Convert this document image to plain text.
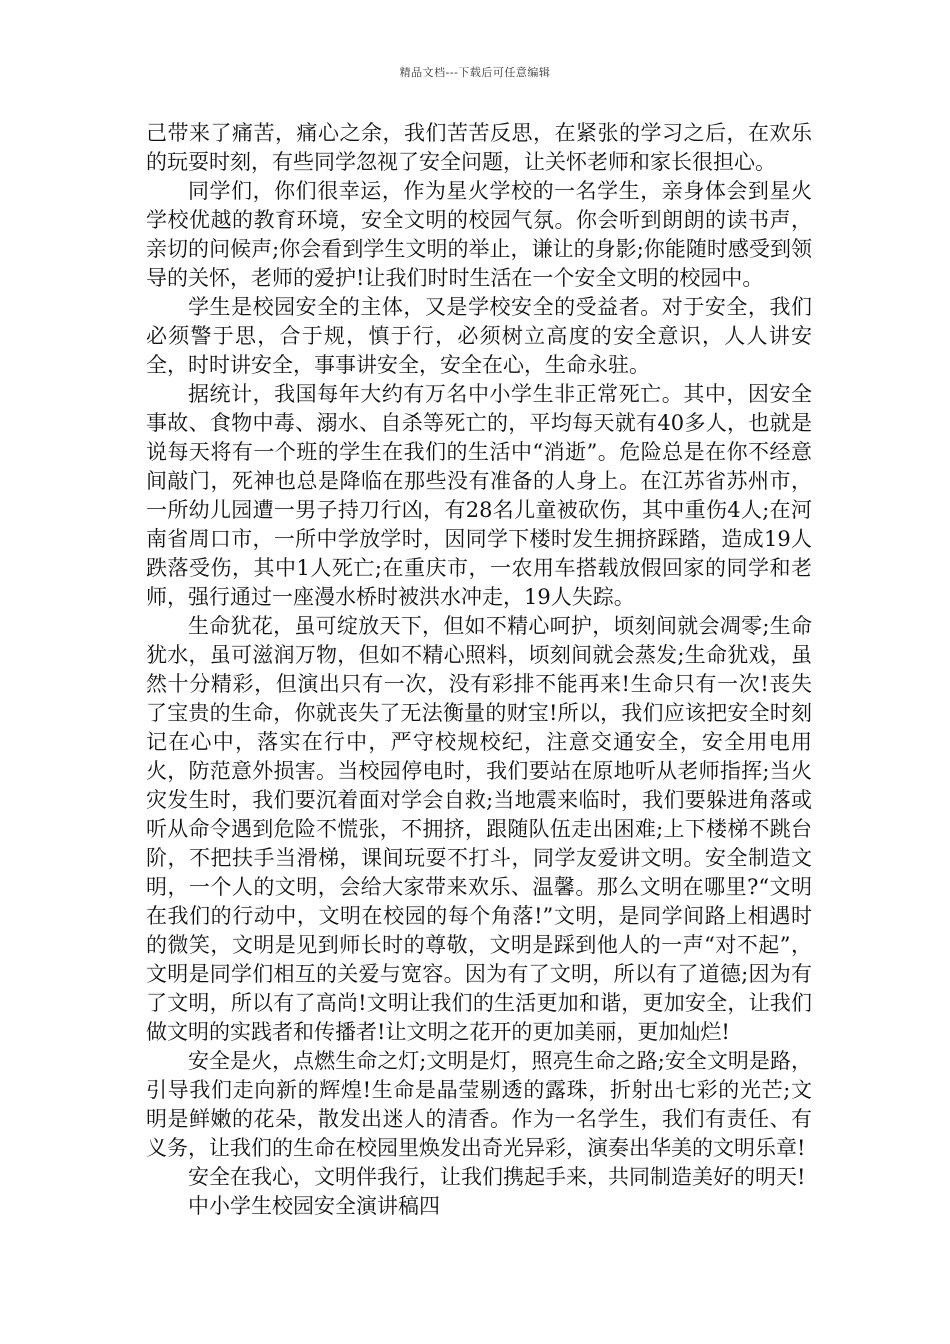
精品文档---下载后可任意编辑

己带来了痛苦，痛心之余，我们苦苦反思，在紧张的学习之后，在欢乐的玩耍时刻，有些同学忽视了安全问题，让关怀老师和家长很担心。

同学们，你们很幸运，作为星火学校的一名学生，亲身体会到星火学校优越的教育环境，安全文明的校园气氛。你会听到朗朗的读书声，亲切的问候声;你会看到学生文明的举止，谦让的身影;你能随时感受到领导的关怀，老师的爱护!让我们时时生活在一个安全文明的校园中。

学生是校园安全的主体，又是学校安全的受益者。对于安全，我们必须警于思，合于规，慎于行，必须树立高度的安全意识，人人讲安全，时时讲安全，事事讲安全，安全在心，生命永驻。

据统计，我国每年大约有万名中小学生非正常死亡。其中，因安全事故、食物中毒、溺水、自杀等死亡的，平均每天就有40多人，也就是说每天将有一个班的学生在我们的生活中“消逝”。危险总是在你不经意间敲门，死神也总是降临在那些没有准备的人身上。在江苏省苏州市，一所幼儿园遭一男子持刀行凶，有28名儿童被砍伤，其中重伤4人;在河南省周口市，一所中学放学时，因同学下楼时发生拥挤踩踏，造成19人跌落受伤，其中1人死亡;在重庆市，一农用车搭载放假回家的同学和老师，强行通过一座漫水桥时被洪水冲走，19人失踪。

生命犹花，虽可绽放天下，但如不精心呵护，顷刻间就会凋零;生命犹水，虽可滋润万物，但如不精心照料，顷刻间就会蒸发;生命犹戏，虽然十分精彩，但演出只有一次，没有彩排不能再来!生命只有一次!丧失了宝贵的生命，你就丧失了无法衡量的财宝!所以，我们应该把安全时刻记在心中，落实在行中，严守校规校纪，注意交通安全，安全用电用火，防范意外损害。当校园停电时，我们要站在原地听从老师指挥;当火灾发生时，我们要沉着面对学会自救;当地震来临时，我们要躲进角落或听从命令遇到危险不慌张，不拥挤，跟随队伍走出困难;上下楼梯不跳台阶，不把扶手当滑梯，课间玩耍不打斗，同学友爱讲文明。安全制造文明，一个人的文明，会给大家带来欢乐、温馨。那么文明在哪里?“文明在我们的行动中，文明在校园的每个角落!”文明，是同学间路上相遇时的微笑，文明是见到师长时的尊敬，文明是踩到他人的一声“对不起”，文明是同学们相互的关爱与宽容。因为有了文明，所以有了道德;因为有了文明，所以有了高尚!文明让我们的生活更加和谐，更加安全，让我们做文明的实践者和传播者!让文明之花开的更加美丽，更加灿烂!

安全是火，点燃生命之灯;文明是灯，照亮生命之路;安全文明是路，引导我们走向新的辉煌!生命是晶莹剔透的露珠，折射出七彩的光芒;文明是鲜嫩的花朵，散发出迷人的清香。作为一名学生，我们有责任、有义务，让我们的生命在校园里焕发出奇光异彩，演奏出华美的文明乐章!

安全在我心，文明伴我行，让我们携起手来，共同制造美好的明天!

中小学生校园安全演讲稿四
